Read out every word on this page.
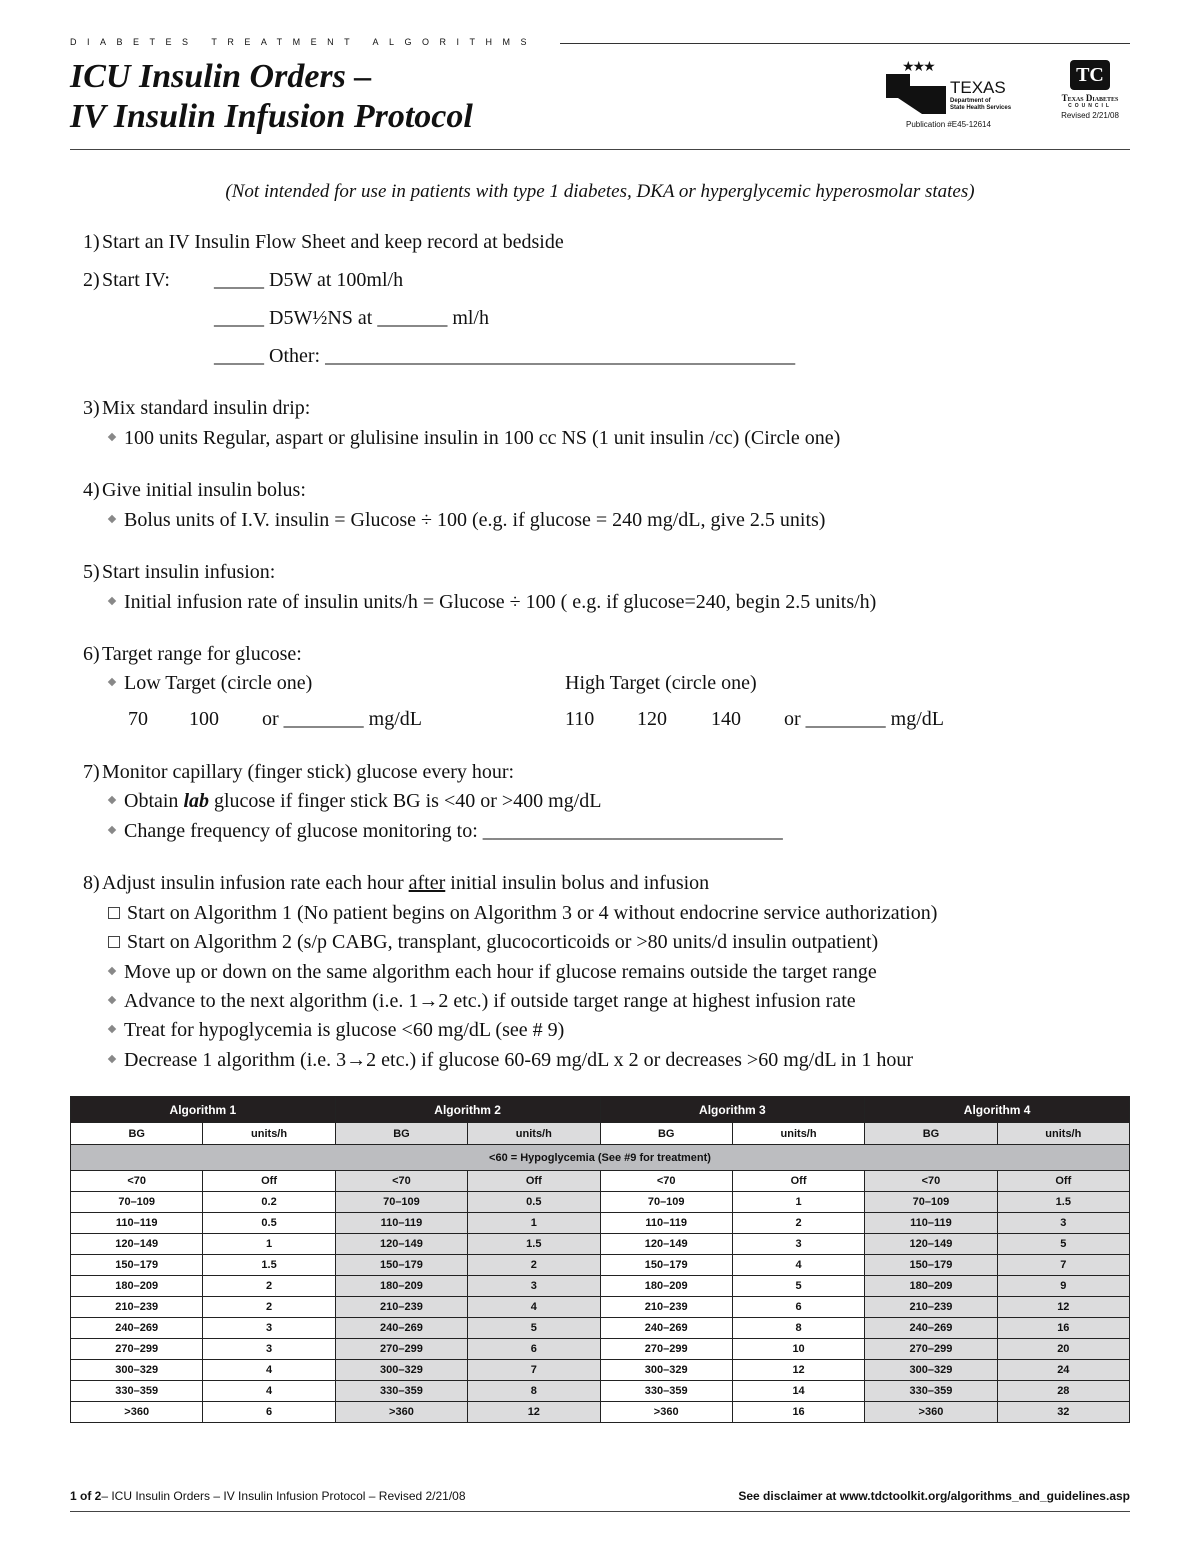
DIABETES TREATMENT ALGORITHMS
ICU Insulin Orders –
IV Insulin Infusion Protocol
★★★
TEXAS
Department of
State Health Services
Publication #E45-12614
TC
Texas Diabetes
COUNCIL
Revised 2/21/08
(Not intended for use in patients with type 1 diabetes, DKA or hyperglycemic hyperosmolar states)
1) Start an IV Insulin Flow Sheet and keep record at bedside
2) Start IV: _____ D5W at 100ml/h
_____ D5W½NS at _______ ml/h
_____ Other: _______________________________________________
3) Mix standard insulin drip:
100 units Regular, aspart or glulisine insulin in 100 cc NS (1 unit insulin /cc) (Circle one)
4) Give initial insulin bolus:
Bolus units of I.V. insulin = Glucose ÷ 100 (e.g. if glucose = 240 mg/dL, give 2.5 units)
5) Start insulin infusion:
Initial infusion rate of insulin units/h = Glucose ÷ 100 ( e.g. if glucose=240, begin 2.5 units/h)
6) Target range for glucose:
Low Target (circle one)	High Target (circle one)
70 100 or ________ mg/dL	110 120 140 or ________ mg/dL
7) Monitor capillary (finger stick) glucose every hour:
Obtain lab glucose if finger stick BG is <40 or >400 mg/dL
Change frequency of glucose monitoring to: ______________________________
8) Adjust insulin infusion rate each hour after initial insulin bolus and infusion
Start on Algorithm 1 (No patient begins on Algorithm 3 or 4 without endocrine service authorization)
Start on Algorithm 2 (s/p CABG, transplant, glucocorticoids or >80 units/d insulin outpatient)
Move up or down on the same algorithm each hour if glucose remains outside the target range
Advance to the next algorithm (i.e. 1→2 etc.) if outside target range at highest infusion rate
Treat for hypoglycemia is glucose <60 mg/dL (see # 9)
Decrease 1 algorithm (i.e. 3→2 etc.) if glucose 60-69 mg/dL x 2 or decreases >60 mg/dL in 1 hour
Algorithm 1		Algorithm 2		Algorithm 3		Algorithm 4	
BG	units/h	BG	units/h	BG	units/h	BG	units/h
<60 = Hypoglycemia (See #9 for treatment)							
<70	Off	<70	Off	<70	Off	<70	Off
70–109	0.2	70–109	0.5	70–109	1	70–109	1.5
110–119	0.5	110–119	1	110–119	2	110–119	3
120–149	1	120–149	1.5	120–149	3	120–149	5
150–179	1.5	150–179	2	150–179	4	150–179	7
180–209	2	180–209	3	180–209	5	180–209	9
210–239	2	210–239	4	210–239	6	210–239	12
240–269	3	240–269	5	240–269	8	240–269	16
270–299	3	270–299	6	270–299	10	270–299	20
300–329	4	300–329	7	300–329	12	300–329	24
330–359	4	330–359	8	330–359	14	330–359	28
>360	6	>360	12	>360	16	>360	32
1 of 2– ICU Insulin Orders – IV Insulin Infusion Protocol – Revised 2/21/08	See disclaimer at www.tdctoolkit.org/algorithms_and_guidelines.asp
